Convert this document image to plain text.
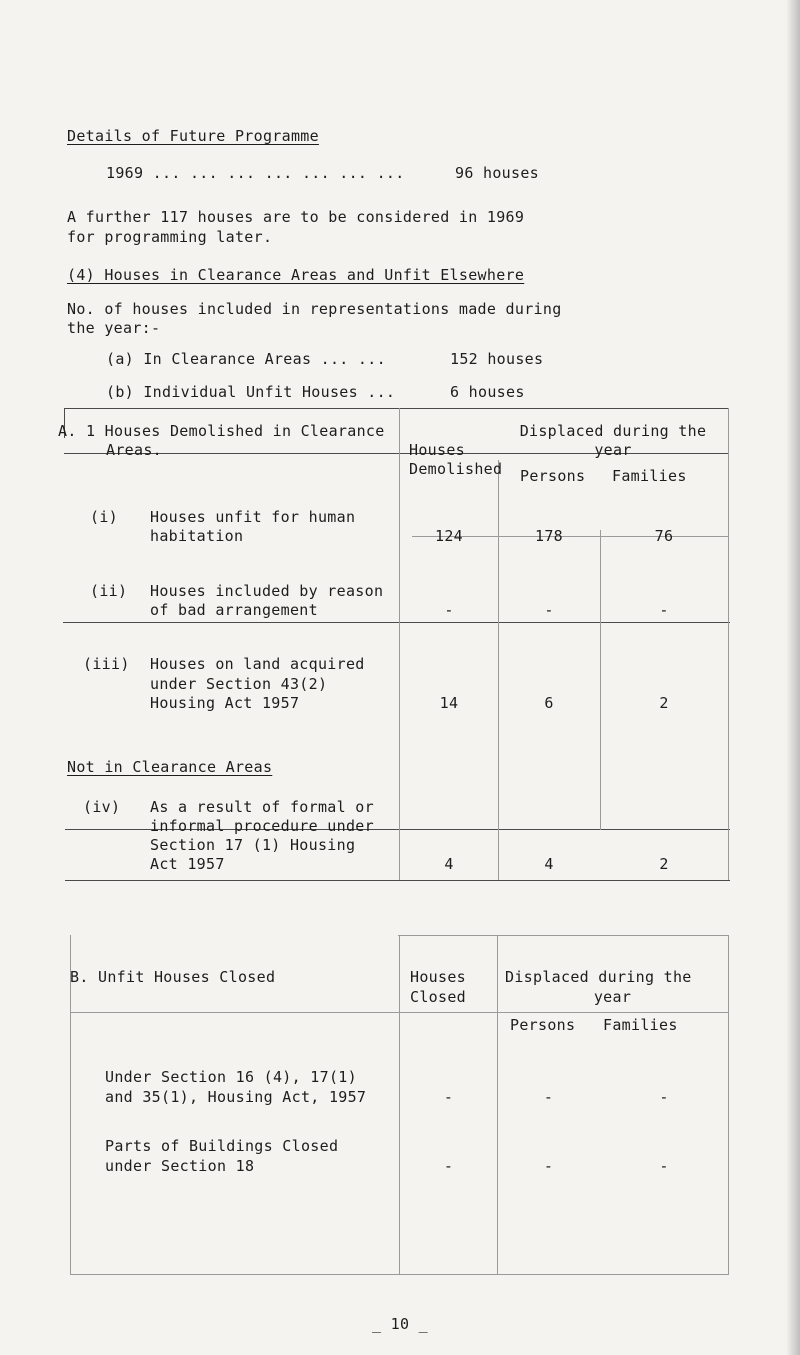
Details of Future Programme
1969 ... ... ... ... ... ... ...	96 houses
A further 117 houses are to be considered in 1969
for programming later.
(4) Houses in Clearance Areas and Unfit Elsewhere
No. of houses included in representations made during
the year:-
(a) In Clearance Areas ... ...	152 houses
(b) Individual Unfit Houses ...	6 houses
A. 1 Houses Demolished in Clearance
Areas.	Houses
Demolished
Displaced during the
year
Persons Families
(i) Houses unfit for human
habitation	124	178	76
(ii) Houses included by reason
of bad arrangement	-	-	-
(iii) Houses on land acquired
under Section 43(2)
Housing Act 1957	14	6	2
Not in Clearance Areas
(iv) As a result of formal or
informal procedure under
Section 17 (1) Housing
Act 1957	4	4	2
B. Unfit Houses Closed	Houses
Closed
Displaced during the
year
Persons Families
Under Section 16 (4), 17(1)
and 35(1), Housing Act, 1957	-	-	-
Parts of Buildings Closed
under Section 18	-	-	-
_ 10 _
